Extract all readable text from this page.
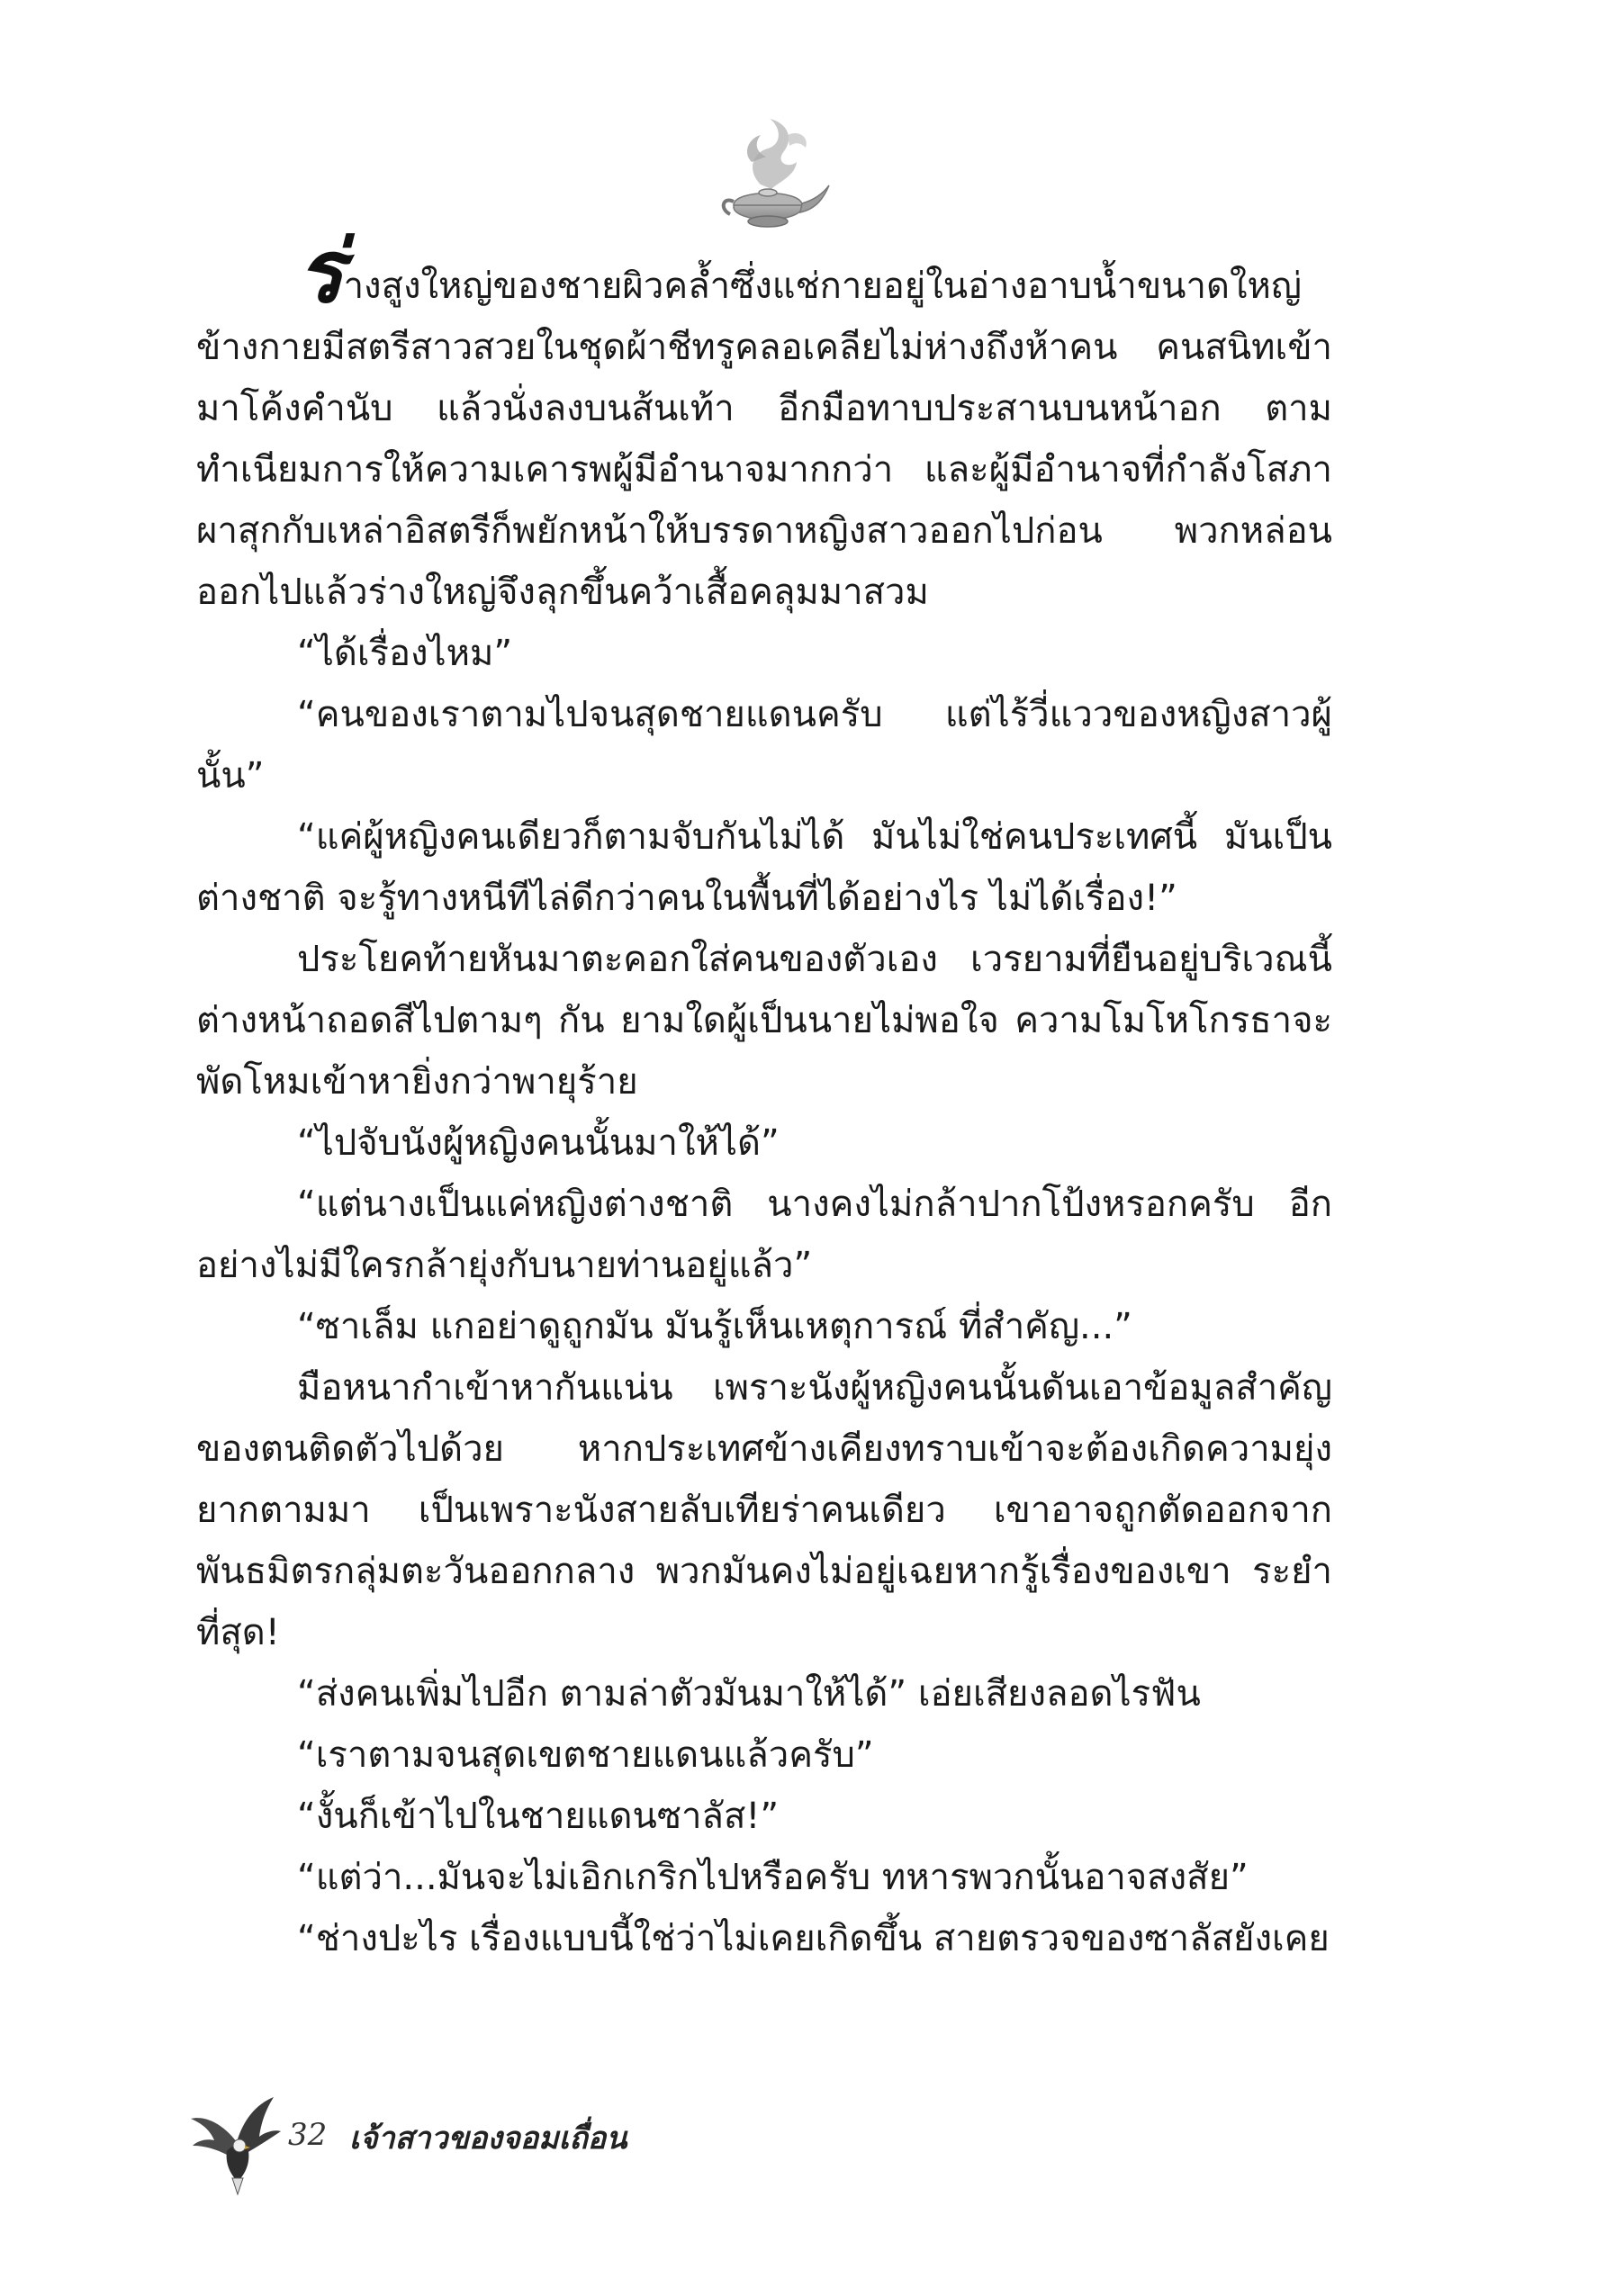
ร่างสูงใหญ่ของชายผิวคล้ำซึ่งแช่กายอยู่ในอ่างอาบน้ำขนาดใหญ่ ข้างกายมีสตรีสาวสวยในชุดผ้าชีทรูคลอเคลียไม่ห่างถึงห้าคน คนสนิทเข้ามาโค้งคำนับ แล้วนั่งลงบนส้นเท้า อีกมือทาบประสานบนหน้าอก ตามทำเนียมการให้ความเคารพผู้มีอำนาจมากกว่า และผู้มีอำนาจที่กำลังโสภาผาสุกกับเหล่าอิสตรีก็พยักหน้าให้บรรดาหญิงสาวออกไปก่อน พวกหล่อนออกไปแล้วร่างใหญ่จึงลุกขึ้นคว้าเสื้อคลุมมาสวม

“ได้เรื่องไหม”

“คนของเราตามไปจนสุดชายแดนครับ แต่ไร้วี่แววของหญิงสาวผู้นั้น”

“แค่ผู้หญิงคนเดียวก็ตามจับกันไม่ได้ มันไม่ใช่คนประเทศนี้ มันเป็นต่างชาติ จะรู้ทางหนีทีไล่ดีกว่าคนในพื้นที่ได้อย่างไร ไม่ได้เรื่อง!”

ประโยคท้ายหันมาตะคอกใส่คนของตัวเอง เวรยามที่ยืนอยู่บริเวณนี้ต่างหน้าถอดสีไปตามๆ กัน ยามใดผู้เป็นนายไม่พอใจ ความโมโหโกรธาจะพัดโหมเข้าหายิ่งกว่าพายุร้าย

“ไปจับนังผู้หญิงคนนั้นมาให้ได้”

“แต่นางเป็นแค่หญิงต่างชาติ นางคงไม่กล้าปากโป้งหรอกครับ อีกอย่างไม่มีใครกล้ายุ่งกับนายท่านอยู่แล้ว”

“ซาเล็ม แกอย่าดูถูกมัน มันรู้เห็นเหตุการณ์ ที่สำคัญ...”

มือหนากำเข้าหากันแน่น เพราะนังผู้หญิงคนนั้นดันเอาข้อมูลสำคัญของตนติดตัวไปด้วย หากประเทศข้างเคียงทราบเข้าจะต้องเกิดความยุ่งยากตามมา เป็นเพราะนังสายลับเทียร่าคนเดียว เขาอาจถูกตัดออกจากพันธมิตรกลุ่มตะวันออกกลาง พวกมันคงไม่อยู่เฉยหากรู้เรื่องของเขา ระยำที่สุด!

“ส่งคนเพิ่มไปอีก ตามล่าตัวมันมาให้ได้” เอ่ยเสียงลอดไรฟัน

“เราตามจนสุดเขตชายแดนแล้วครับ”

“งั้นก็เข้าไปในชายแดนซาลัส!”

“แต่ว่า...มันจะไม่เอิกเกริกไปหรือครับ ทหารพวกนั้นอาจสงสัย”

“ช่างปะไร เรื่องแบบนี้ใช่ว่าไม่เคยเกิดขึ้น สายตรวจของซาลัสยังเคย

32 เจ้าสาวของจอมเถื่อน
